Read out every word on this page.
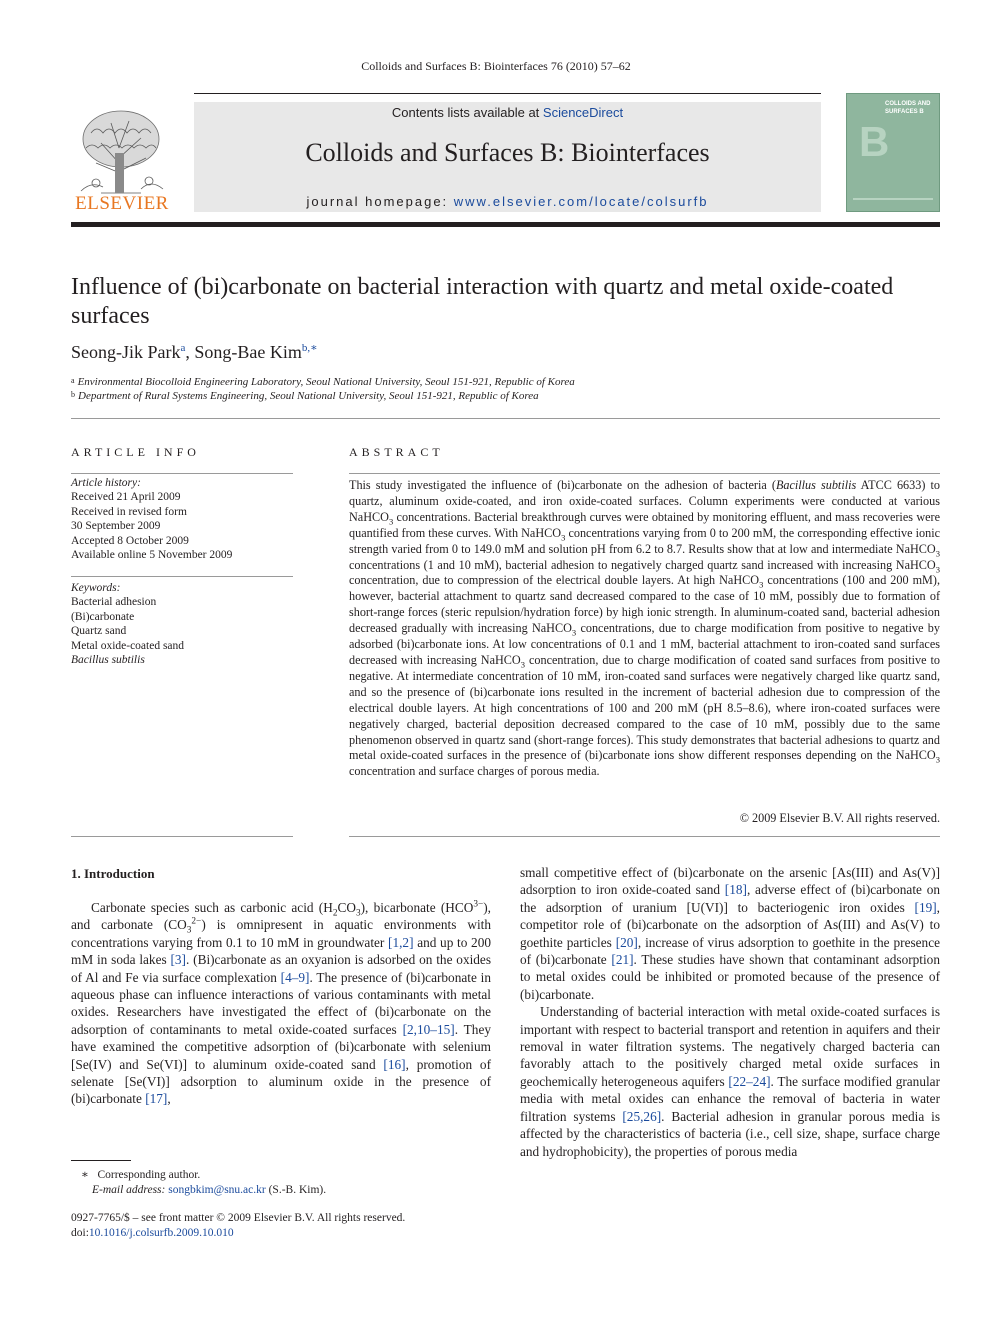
Colloids and Surfaces B: Biointerfaces 76 (2010) 57–62
ELSEVIER
Contents lists available at ScienceDirect
Colloids and Surfaces B: Biointerfaces
journal homepage: www.elsevier.com/locate/colsurfb
COLLOIDS AND SURFACES B
B
Influence of (bi)carbonate on bacterial interaction with quartz and metal oxide-coated surfaces
Seong-Jik Park$^a$, Song-Bae Kim$^{b,∗}$
$^a$ Environmental Biocolloid Engineering Laboratory, Seoul National University, Seoul 151-921, Republic of Korea
$^b$ Department of Rural Systems Engineering, Seoul National University, Seoul 151-921, Republic of Korea
ARTICLE INFO	ABSTRACT
Article history:
Received 21 April 2009
Received in revised form
30 September 2009
Accepted 8 October 2009
Available online 5 November 2009
Keywords:
Bacterial adhesion
(Bi)carbonate
Quartz sand
Metal oxide-coated sand
Bacillus subtilis
This study investigated the influence of (bi)carbonate on the adhesion of bacteria (Bacillus subtilis ATCC 6633) to quartz, aluminum oxide-coated, and iron oxide-coated surfaces. Column experiments were conducted at various NaHCO$_3$ concentrations. Bacterial breakthrough curves were obtained by monitoring effluent, and mass recoveries were quantified from these curves. With NaHCO$_3$ concentrations varying from 0 to 200 mM, the corresponding effective ionic strength varied from 0 to 149.0 mM and solution pH from 6.2 to 8.7. Results show that at low and intermediate NaHCO$_3$ concentrations (1 and 10 mM), bacterial adhesion to negatively charged quartz sand increased with increasing NaHCO$_3$ concentration, due to compression of the electrical double layers. At high NaHCO$_3$ concentrations (100 and 200 mM), however, bacterial attachment to quartz sand decreased compared to the case of 10 mM, possibly due to formation of short-range forces (steric repulsion/hydration force) by high ionic strength. In aluminum-coated sand, bacterial adhesion decreased gradually with increasing NaHCO$_3$ concentrations, due to charge modification from positive to negative by adsorbed (bi)carbonate ions. At low concentrations of 0.1 and 1 mM, bacterial attachment to iron-coated sand surfaces decreased with increasing NaHCO$_3$ concentration, due to charge modification of coated sand surfaces from positive to negative. At intermediate concentration of 10 mM, iron-coated sand surfaces were negatively charged like quartz sand, and so the presence of (bi)carbonate ions resulted in the increment of bacterial adhesion due to compression of the electrical double layers. At high concentrations of 100 and 200 mM (pH 8.5–8.6), where iron-coated surfaces were negatively charged, bacterial deposition decreased compared to the case of 10 mM, possibly due to the same phenomenon observed in quartz sand (short-range forces). This study demonstrates that bacterial adhesions to quartz and metal oxide-coated surfaces in the presence of (bi)carbonate ions show different responses depending on the NaHCO$_3$ concentration and surface charges of porous media.
© 2009 Elsevier B.V. All rights reserved.
1. Introduction

Carbonate species such as carbonic acid $(H_2CO_3)$, bicarbonate $(HCO^{3-})$, and carbonate $(CO_3^{2-})$ is omnipresent in aquatic environments with concentrations varying from 0.1 to 10 mM in groundwater [1,2] and up to 200 mM in soda lakes [3]. (Bi)carbonate as an oxyanion is adsorbed on the oxides of Al and Fe via surface complexation [4–9]. The presence of (bi)carbonate in aqueous phase can influence interactions of various contaminants with metal oxides. Researchers have investigated the effect of (bi)carbonate on the adsorption of contaminants to metal oxide-coated surfaces [2,10–15]. They have examined the competitive adsorption of (bi)carbonate with selenium [Se(IV) and Se(VI)] to aluminum oxide-coated sand [16], promotion of selenate [Se(VI)] adsorption to aluminum oxide in the presence of (bi)carbonate [17],

small competitive effect of (bi)carbonate on the arsenic [As(III) and As(V)] adsorption to iron oxide-coated sand [18], adverse effect of (bi)carbonate on the adsorption of uranium [U(VI)] to bacteriogenic iron oxides [19], competitor role of (bi)carbonate on the adsorption of As(III) and As(V) to goethite particles [20], increase of virus adsorption to goethite in the presence of (bi)carbonate [21]. These studies have shown that contaminant adsorption to metal oxides could be inhibited or promoted because of the presence of (bi)carbonate.

Understanding of bacterial interaction with metal oxide-coated surfaces is important with respect to bacterial transport and retention in aquifers and their removal in water filtration systems. The negatively charged bacteria can favorably attach to the positively charged metal oxide surfaces in geochemically heterogeneous aquifers [22–24]. The surface modified granular media with metal oxides can enhance the removal of bacteria in water filtration systems [25,26]. Bacterial adhesion in granular porous media is affected by the characteristics of bacteria (i.e., cell size, shape, surface charge and hydrophobicity), the properties of porous media

∗ Corresponding author.
E-mail address: songbkim@snu.ac.kr (S.-B. Kim).
0927-7765/$ – see front matter © 2009 Elsevier B.V. All rights reserved.
doi:10.1016/j.colsurfb.2009.10.010
